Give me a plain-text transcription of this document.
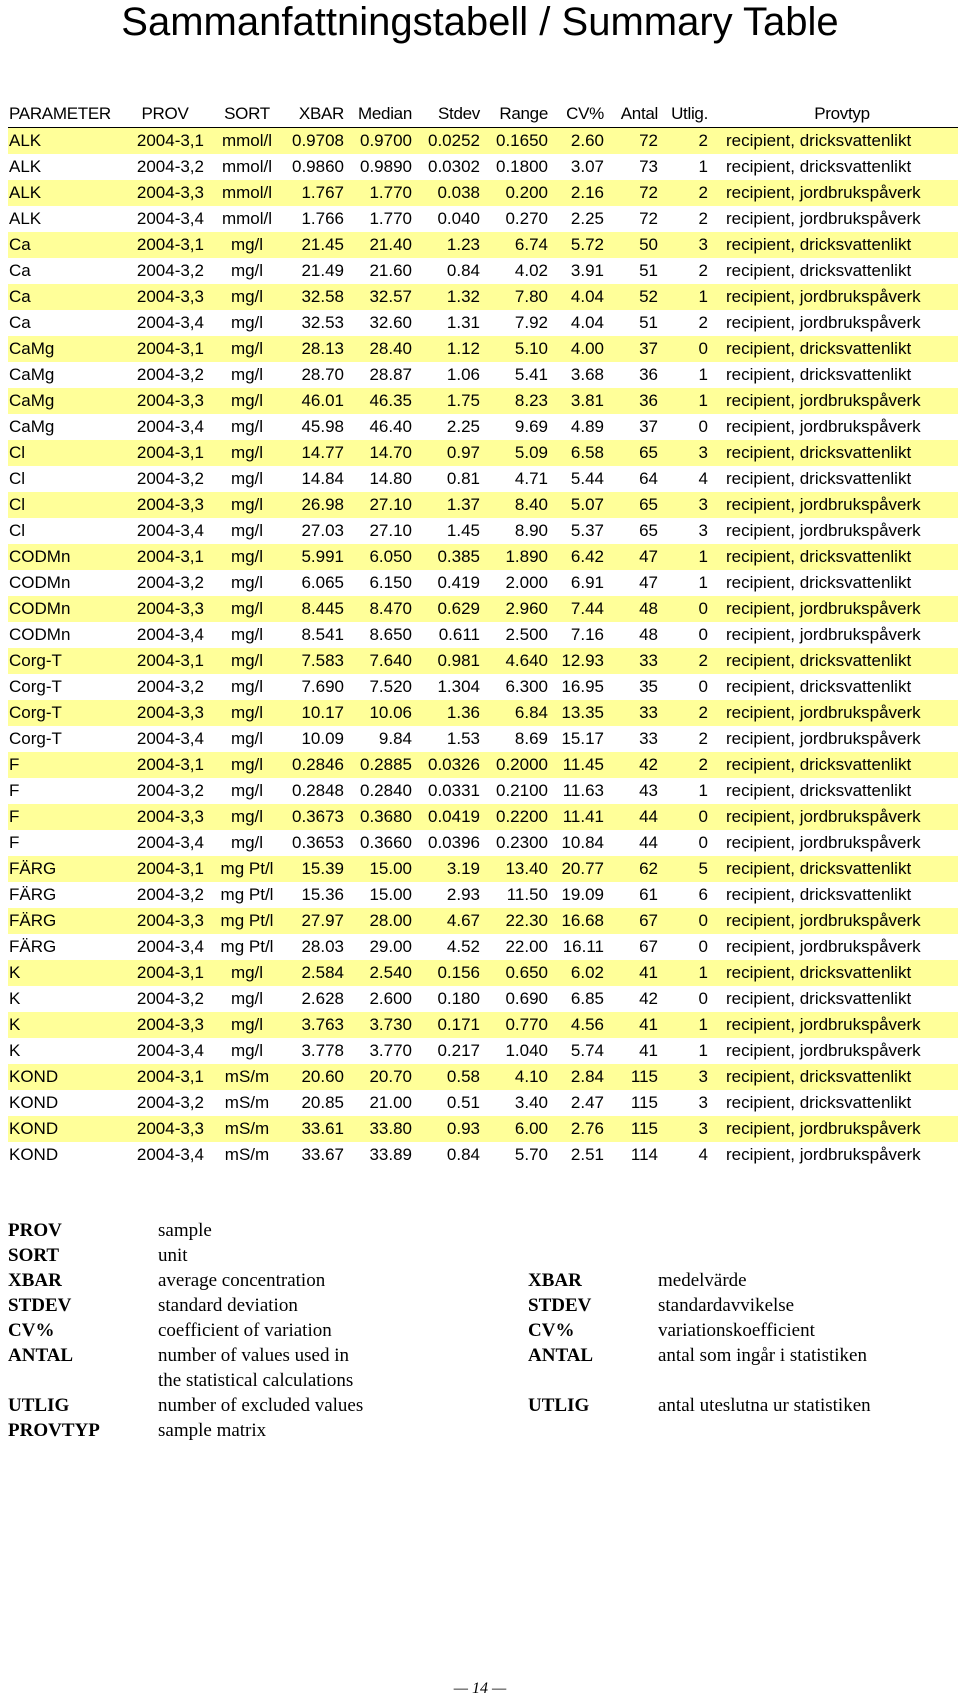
Sammanfattningstabell / Summary Table
PARAMETER	PROV	SORT	XBAR	Median	Stdev	Range	CV%	Antal	Utlig.	Provtyp
ALK	2004-3,1	mmol/l	0.9708	0.9700	0.0252	0.1650	2.60	72	2	recipient, dricksvattenlikt
ALK	2004-3,2	mmol/l	0.9860	0.9890	0.0302	0.1800	3.07	73	1	recipient, dricksvattenlikt
ALK	2004-3,3	mmol/l	1.767	1.770	0.038	0.200	2.16	72	2	recipient, jordbrukspåverk
ALK	2004-3,4	mmol/l	1.766	1.770	0.040	0.270	2.25	72	2	recipient, jordbrukspåverk
Ca	2004-3,1	mg/l	21.45	21.40	1.23	6.74	5.72	50	3	recipient, dricksvattenlikt
Ca	2004-3,2	mg/l	21.49	21.60	0.84	4.02	3.91	51	2	recipient, dricksvattenlikt
Ca	2004-3,3	mg/l	32.58	32.57	1.32	7.80	4.04	52	1	recipient, jordbrukspåverk
Ca	2004-3,4	mg/l	32.53	32.60	1.31	7.92	4.04	51	2	recipient, jordbrukspåverk
CaMg	2004-3,1	mg/l	28.13	28.40	1.12	5.10	4.00	37	0	recipient, dricksvattenlikt
CaMg	2004-3,2	mg/l	28.70	28.87	1.06	5.41	3.68	36	1	recipient, dricksvattenlikt
CaMg	2004-3,3	mg/l	46.01	46.35	1.75	8.23	3.81	36	1	recipient, jordbrukspåverk
CaMg	2004-3,4	mg/l	45.98	46.40	2.25	9.69	4.89	37	0	recipient, jordbrukspåverk
Cl	2004-3,1	mg/l	14.77	14.70	0.97	5.09	6.58	65	3	recipient, dricksvattenlikt
Cl	2004-3,2	mg/l	14.84	14.80	0.81	4.71	5.44	64	4	recipient, dricksvattenlikt
Cl	2004-3,3	mg/l	26.98	27.10	1.37	8.40	5.07	65	3	recipient, jordbrukspåverk
Cl	2004-3,4	mg/l	27.03	27.10	1.45	8.90	5.37	65	3	recipient, jordbrukspåverk
CODMn	2004-3,1	mg/l	5.991	6.050	0.385	1.890	6.42	47	1	recipient, dricksvattenlikt
CODMn	2004-3,2	mg/l	6.065	6.150	0.419	2.000	6.91	47	1	recipient, dricksvattenlikt
CODMn	2004-3,3	mg/l	8.445	8.470	0.629	2.960	7.44	48	0	recipient, jordbrukspåverk
CODMn	2004-3,4	mg/l	8.541	8.650	0.611	2.500	7.16	48	0	recipient, jordbrukspåverk
Corg-T	2004-3,1	mg/l	7.583	7.640	0.981	4.640	12.93	33	2	recipient, dricksvattenlikt
Corg-T	2004-3,2	mg/l	7.690	7.520	1.304	6.300	16.95	35	0	recipient, dricksvattenlikt
Corg-T	2004-3,3	mg/l	10.17	10.06	1.36	6.84	13.35	33	2	recipient, jordbrukspåverk
Corg-T	2004-3,4	mg/l	10.09	9.84	1.53	8.69	15.17	33	2	recipient, jordbrukspåverk
F	2004-3,1	mg/l	0.2846	0.2885	0.0326	0.2000	11.45	42	2	recipient, dricksvattenlikt
F	2004-3,2	mg/l	0.2848	0.2840	0.0331	0.2100	11.63	43	1	recipient, dricksvattenlikt
F	2004-3,3	mg/l	0.3673	0.3680	0.0419	0.2200	11.41	44	0	recipient, jordbrukspåverk
F	2004-3,4	mg/l	0.3653	0.3660	0.0396	0.2300	10.84	44	0	recipient, jordbrukspåverk
FÄRG	2004-3,1	mg Pt/l	15.39	15.00	3.19	13.40	20.77	62	5	recipient, dricksvattenlikt
FÄRG	2004-3,2	mg Pt/l	15.36	15.00	2.93	11.50	19.09	61	6	recipient, dricksvattenlikt
FÄRG	2004-3,3	mg Pt/l	27.97	28.00	4.67	22.30	16.68	67	0	recipient, jordbrukspåverk
FÄRG	2004-3,4	mg Pt/l	28.03	29.00	4.52	22.00	16.11	67	0	recipient, jordbrukspåverk
K	2004-3,1	mg/l	2.584	2.540	0.156	0.650	6.02	41	1	recipient, dricksvattenlikt
K	2004-3,2	mg/l	2.628	2.600	0.180	0.690	6.85	42	0	recipient, dricksvattenlikt
K	2004-3,3	mg/l	3.763	3.730	0.171	0.770	4.56	41	1	recipient, jordbrukspåverk
K	2004-3,4	mg/l	3.778	3.770	0.217	1.040	5.74	41	1	recipient, jordbrukspåverk
KOND	2004-3,1	mS/m	20.60	20.70	0.58	4.10	2.84	115	3	recipient, dricksvattenlikt
KOND	2004-3,2	mS/m	20.85	21.00	0.51	3.40	2.47	115	3	recipient, dricksvattenlikt
KOND	2004-3,3	mS/m	33.61	33.80	0.93	6.00	2.76	115	3	recipient, jordbrukspåverk
KOND	2004-3,4	mS/m	33.67	33.89	0.84	5.70	2.51	114	4	recipient, jordbrukspåverk
PROV	sample
SORT	unit
XBAR	average concentration	XBAR	medelvärde
STDEV	standard deviation	STDEV	standardavvikelse
CV%	coefficient of variation	CV%	variationskoefficient
ANTAL	number of values used in	ANTAL	antal som ingår i statistiken
the statistical calculations
UTLIG	number of excluded values	UTLIG	antal uteslutna ur statistiken
PROVTYP	sample matrix
— 14 —
